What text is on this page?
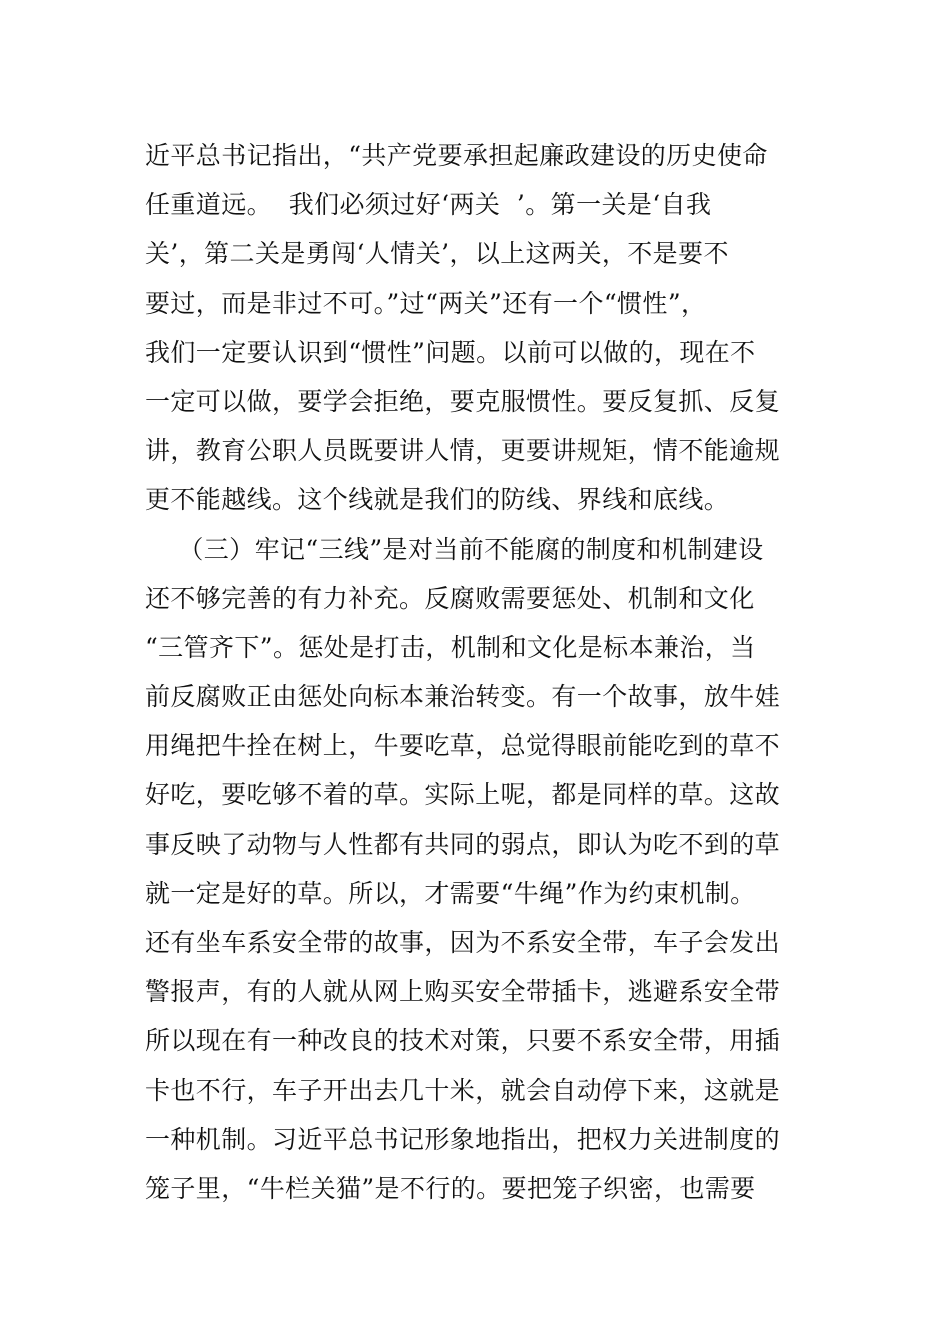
近平总书记指出，“共产党要承担起廉政建设的历史使命
任重道远。  我们必须过好‘两关  ’。第一关是‘自我
关’，第二关是勇闯‘人情关’，以上这两关，不是要不
要过，而是非过不可。”过“两关”还有一个“惯性”，
我们一定要认识到“惯性”问题。以前可以做的，现在不
一定可以做，要学会拒绝，要克服惯性。要反复抓、反复
讲，教育公职人员既要讲人情，更要讲规矩，情不能逾规
更不能越线。这个线就是我们的防线、界线和底线。
（三）牢记“三线”是对当前不能腐的制度和机制建设
还不够完善的有力补充。反腐败需要惩处、机制和文化
“三管齐下”。惩处是打击，机制和文化是标本兼治，当
前反腐败正由惩处向标本兼治转变。有一个故事，放牛娃
用绳把牛拴在树上，牛要吃草，总觉得眼前能吃到的草不
好吃，要吃够不着的草。实际上呢，都是同样的草。这故
事反映了动物与人性都有共同的弱点，即认为吃不到的草
就一定是好的草。所以，才需要“牛绳”作为约束机制。
还有坐车系安全带的故事，因为不系安全带，车子会发出
警报声，有的人就从网上购买安全带插卡，逃避系安全带
所以现在有一种改良的技术对策，只要不系安全带，用插
卡也不行，车子开出去几十米，就会自动停下来，这就是
一种机制。习近平总书记形象地指出，把权力关进制度的
笼子里，“牛栏关猫”是不行的。要把笼子织密，也需要
